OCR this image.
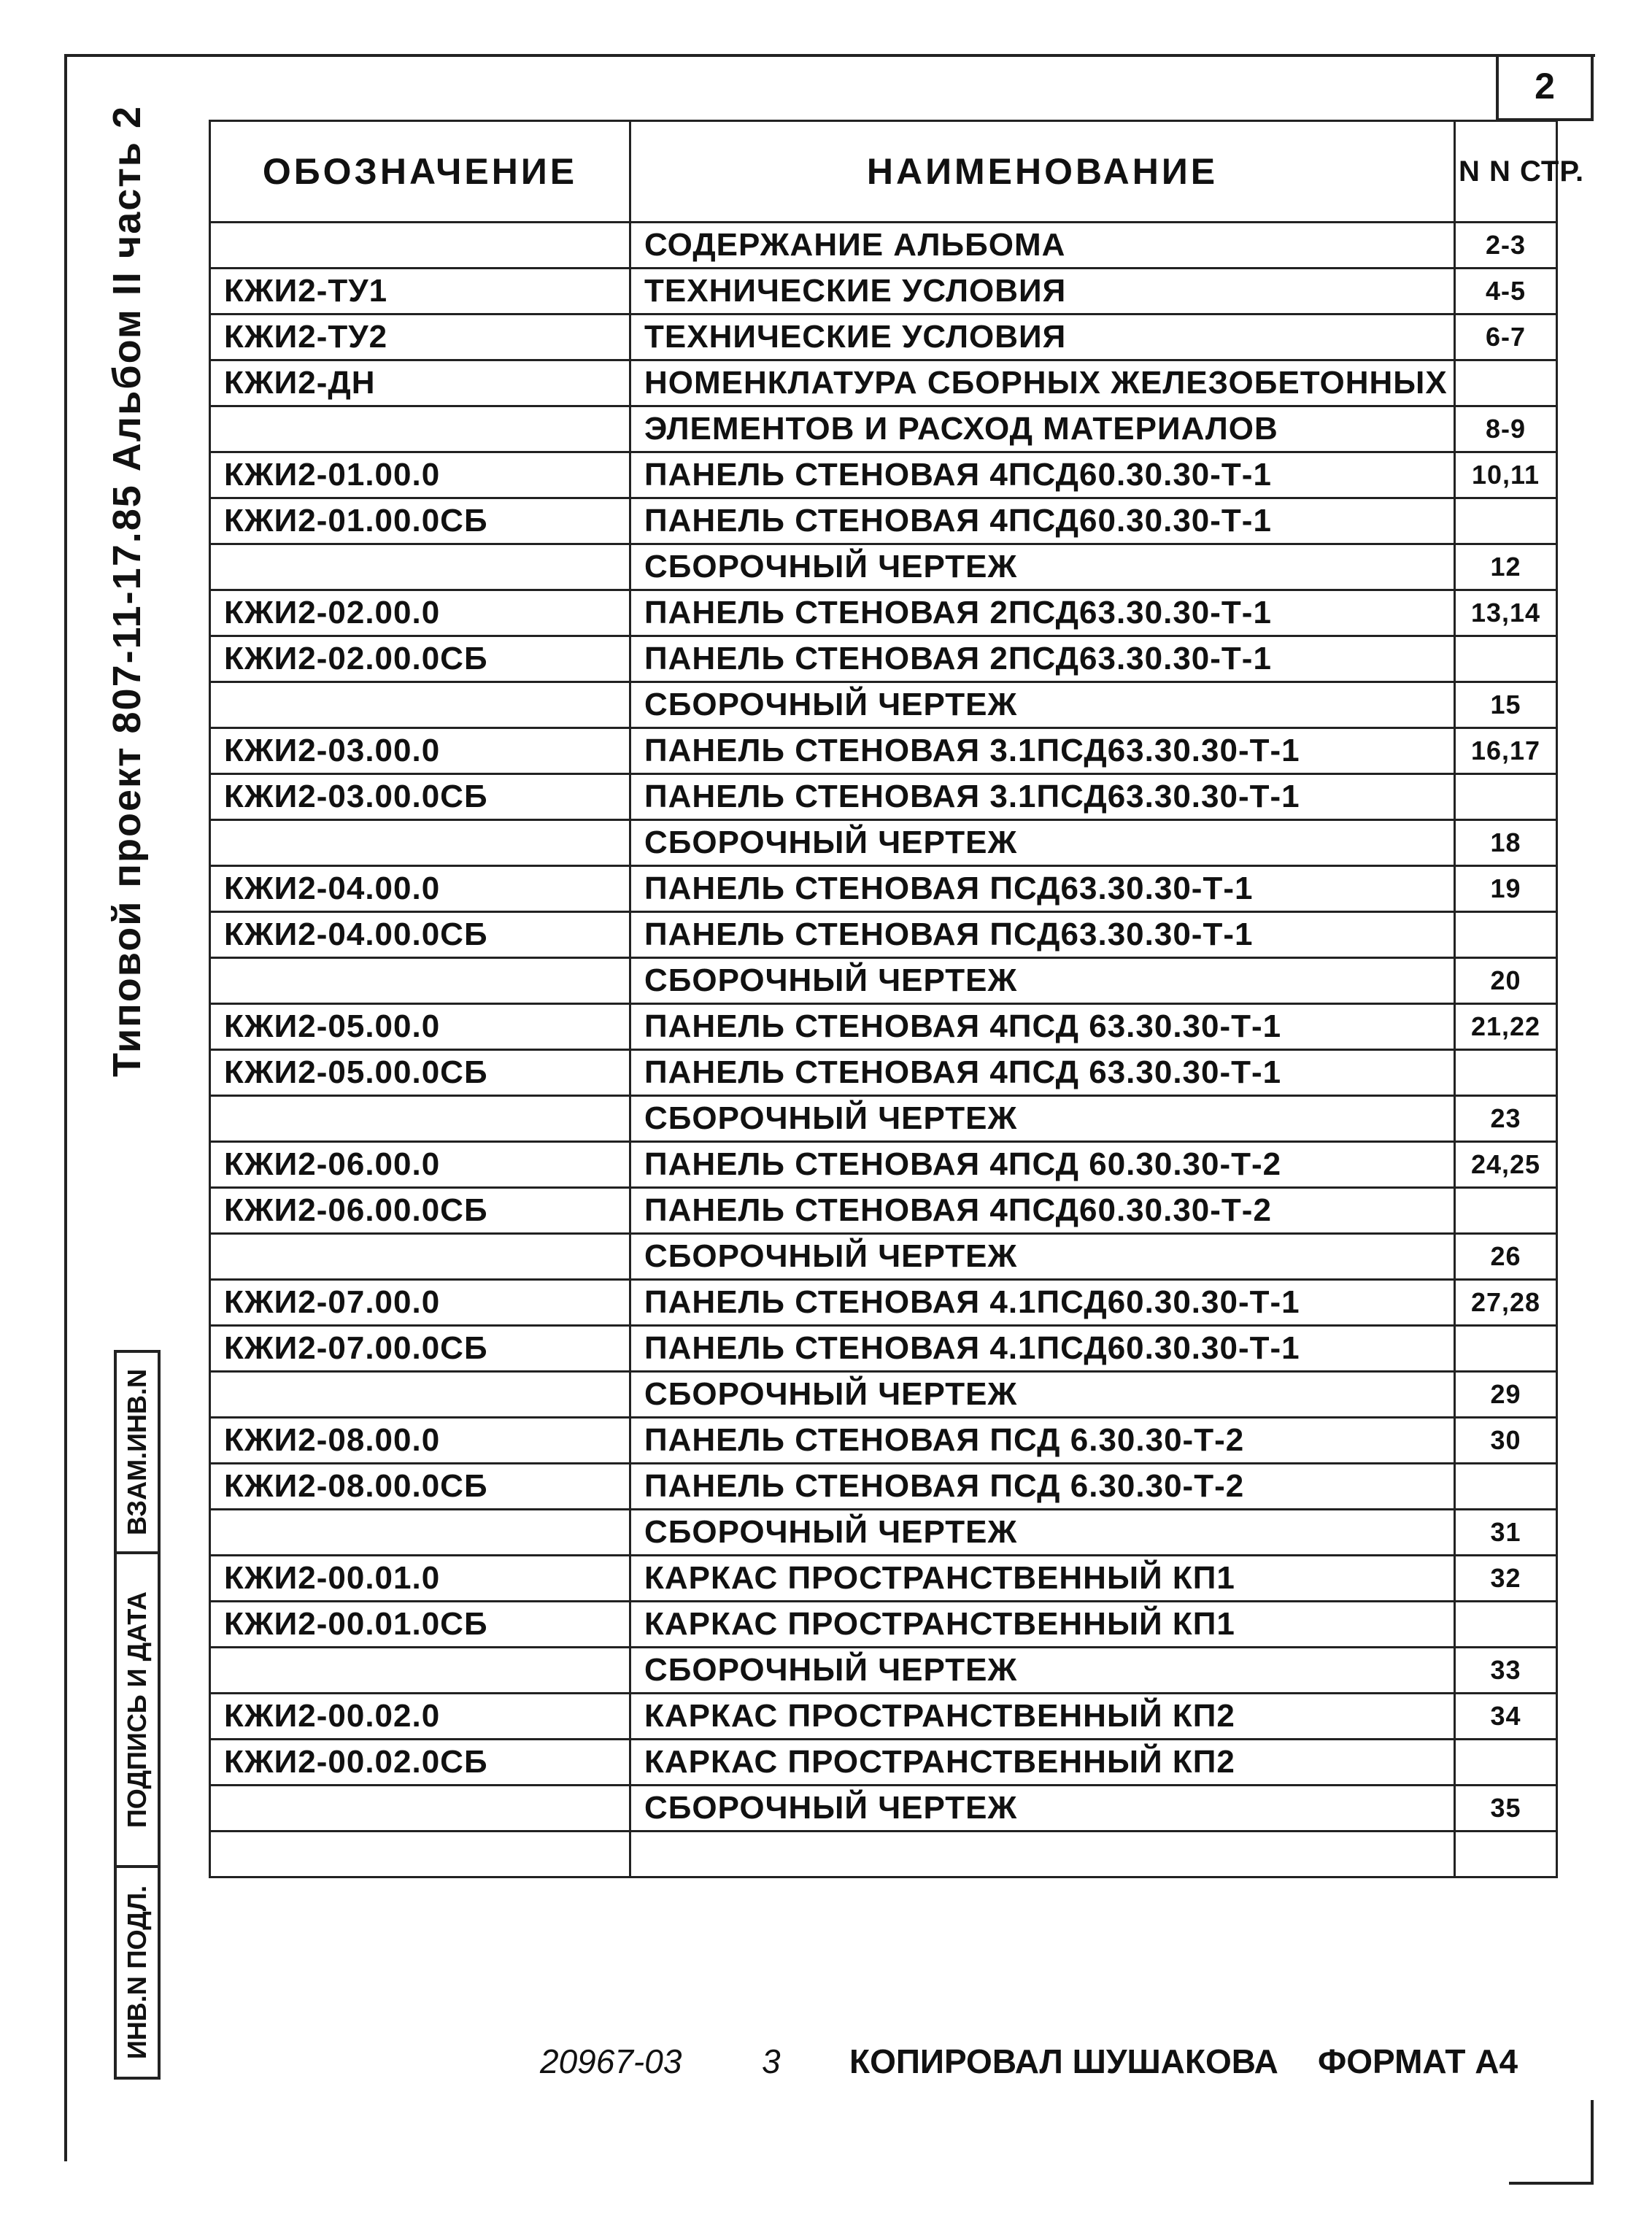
2
Типовой проект 807-11-17.85 Альбом II часть 2
ИНВ.N ПОДЛ.
ПОДПИСЬ И ДАТА
ВЗАМ.ИНВ.N
ОБОЗНАЧЕНИЕ	НАИМЕНОВАНИЕ	N N СТР.
	СОДЕРЖАНИЕ АЛЬБОМА	2-3
КЖИ2-ТУ1	ТЕХНИЧЕСКИЕ УСЛОВИЯ	4-5
КЖИ2-ТУ2	ТЕХНИЧЕСКИЕ УСЛОВИЯ	6-7
КЖИ2-ДН	НОМЕНКЛАТУРА СБОРНЫХ ЖЕЛЕЗОБЕТОННЫХ	
	ЭЛЕМЕНТОВ И РАСХОД МАТЕРИАЛОВ	8-9
КЖИ2-01.00.0	ПАНЕЛЬ СТЕНОВАЯ 4ПСД60.30.30-Т-1	10,11
КЖИ2-01.00.0СБ	ПАНЕЛЬ СТЕНОВАЯ 4ПСД60.30.30-Т-1	
	СБОРОЧНЫЙ ЧЕРТЕЖ	12
КЖИ2-02.00.0	ПАНЕЛЬ СТЕНОВАЯ 2ПСД63.30.30-Т-1	13,14
КЖИ2-02.00.0СБ	ПАНЕЛЬ СТЕНОВАЯ 2ПСД63.30.30-Т-1	
	СБОРОЧНЫЙ ЧЕРТЕЖ	15
КЖИ2-03.00.0	ПАНЕЛЬ СТЕНОВАЯ 3.1ПСД63.30.30-Т-1	16,17
КЖИ2-03.00.0СБ	ПАНЕЛЬ СТЕНОВАЯ 3.1ПСД63.30.30-Т-1	
	СБОРОЧНЫЙ ЧЕРТЕЖ	18
КЖИ2-04.00.0	ПАНЕЛЬ СТЕНОВАЯ ПСД63.30.30-Т-1	19
КЖИ2-04.00.0СБ	ПАНЕЛЬ СТЕНОВАЯ ПСД63.30.30-Т-1	
	СБОРОЧНЫЙ ЧЕРТЕЖ	20
КЖИ2-05.00.0	ПАНЕЛЬ СТЕНОВАЯ 4ПСД 63.30.30-Т-1	21,22
КЖИ2-05.00.0СБ	ПАНЕЛЬ СТЕНОВАЯ 4ПСД 63.30.30-Т-1	
	СБОРОЧНЫЙ ЧЕРТЕЖ	23
КЖИ2-06.00.0	ПАНЕЛЬ СТЕНОВАЯ 4ПСД 60.30.30-Т-2	24,25
КЖИ2-06.00.0СБ	ПАНЕЛЬ СТЕНОВАЯ 4ПСД60.30.30-Т-2	
	СБОРОЧНЫЙ ЧЕРТЕЖ	26
КЖИ2-07.00.0	ПАНЕЛЬ СТЕНОВАЯ 4.1ПСД60.30.30-Т-1	27,28
КЖИ2-07.00.0СБ	ПАНЕЛЬ СТЕНОВАЯ 4.1ПСД60.30.30-Т-1	
	СБОРОЧНЫЙ ЧЕРТЕЖ	29
КЖИ2-08.00.0	ПАНЕЛЬ СТЕНОВАЯ ПСД 6.30.30-Т-2	30
КЖИ2-08.00.0СБ	ПАНЕЛЬ СТЕНОВАЯ ПСД 6.30.30-Т-2	
	СБОРОЧНЫЙ ЧЕРТЕЖ	31
КЖИ2-00.01.0	КАРКАС ПРОСТРАНСТВЕННЫЙ КП1	32
КЖИ2-00.01.0СБ	КАРКАС ПРОСТРАНСТВЕННЫЙ КП1	
	СБОРОЧНЫЙ ЧЕРТЕЖ	33
КЖИ2-00.02.0	КАРКАС ПРОСТРАНСТВЕННЫЙ КП2	34
КЖИ2-00.02.0СБ	КАРКАС ПРОСТРАНСТВЕННЫЙ КП2	
	СБОРОЧНЫЙ ЧЕРТЕЖ	35

20967-03 3 КОПИРОВАЛ ШУШАКОВА ФОРМАТ А4
